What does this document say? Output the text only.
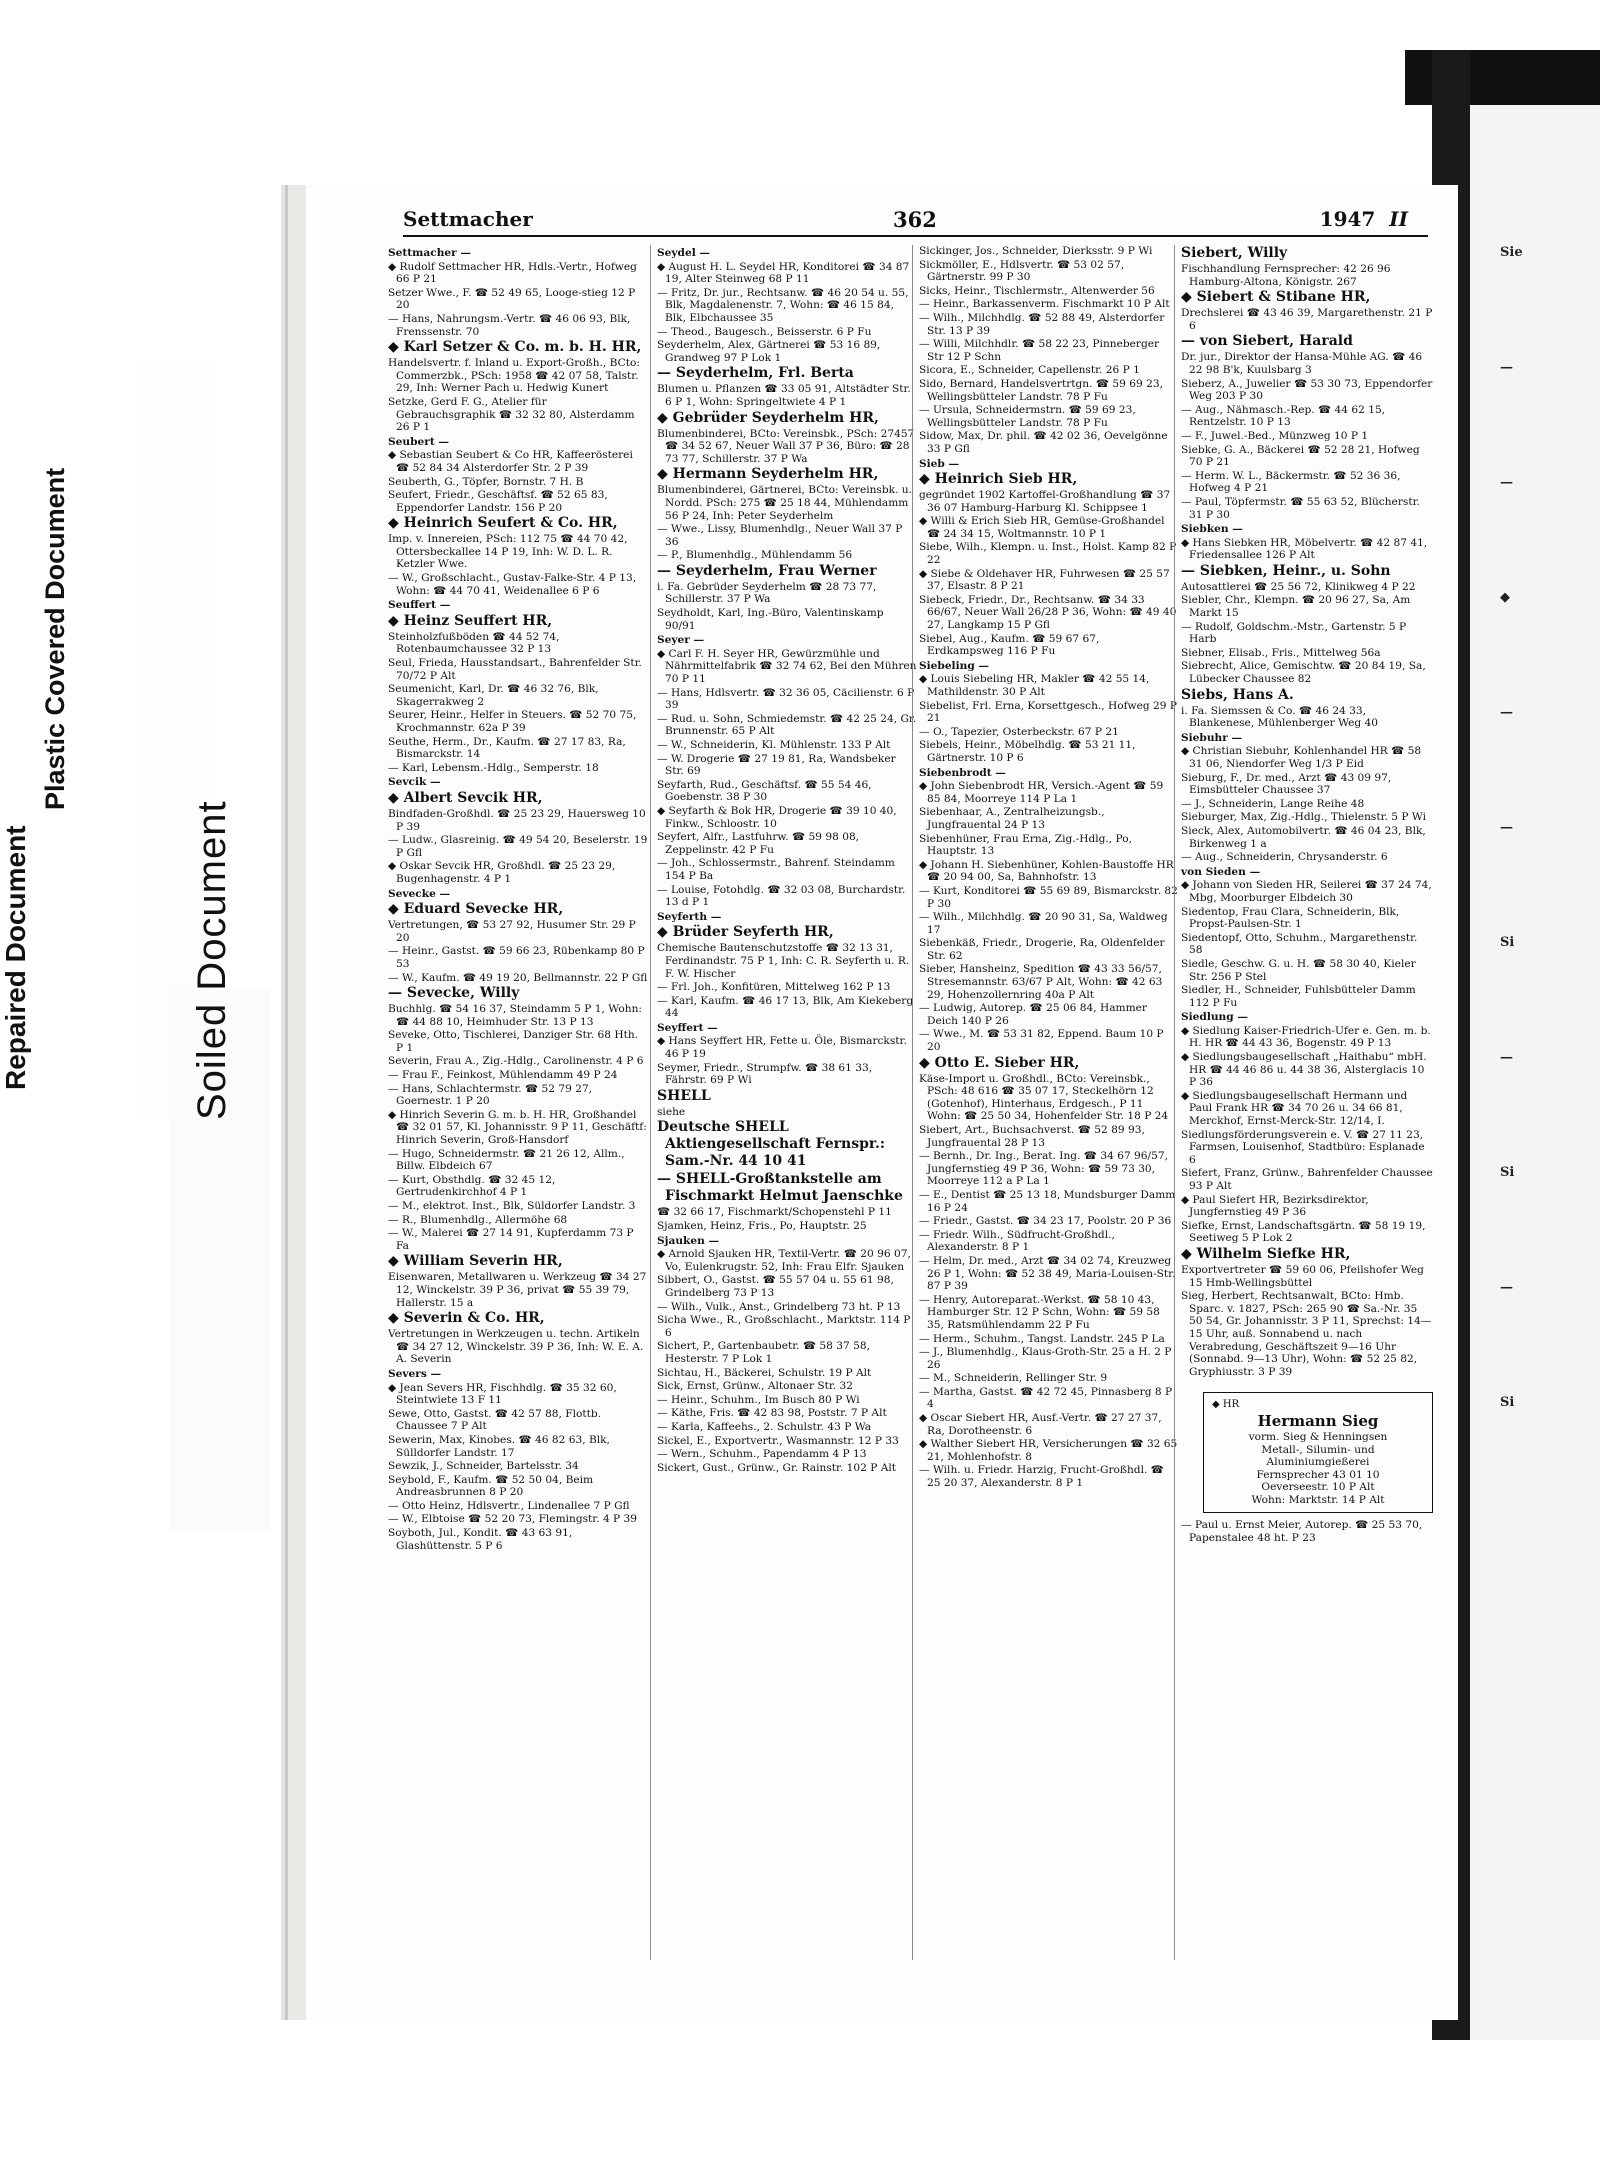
Sie
—
—
◆
—
—
Si
—
Si
—
Si
Repaired Document
Plastic Covered Document
Soiled Document
Settmacher	362	1947 II
Settmacher —
◆ Rudolf Settmacher HR, Hdls.-Vertr., Hofweg 66 P 21
Setzer Wwe., F. ☎ 52 49 65, Looge-stieg 12 P 20
— Hans, Nahrungsm.-Vertr. ☎ 46 06 93, Blk, Frenssenstr. 70
◆ Karl Setzer & Co. m. b. H. HR,
Handelsvertr. f. Inland u. Export-Großh., BCto: Commerzbk., PSch: 1958 ☎ 42 07 58, Talstr. 29, Inh: Werner Pach u. Hedwig Kunert
Setzke, Gerd F. G., Atelier für Gebrauchsgraphik ☎ 32 32 80, Alsterdamm 26 P 1
Seubert —
◆ Sebastian Seubert & Co HR, Kaffeerösterei ☎ 52 84 34 Alsterdorfer Str. 2 P 39
Seuberth, G., Töpfer, Bornstr. 7 H. B
Seufert, Friedr., Geschäftsf. ☎ 52 65 83, Eppendorfer Landstr. 156 P 20
◆ Heinrich Seufert & Co. HR,
Imp. v. Innereien, PSch: 112 75 ☎ 44 70 42, Ottersbeckallee 14 P 19, Inh: W. D. L. R. Ketzler Wwe.
— W., Großschlacht., Gustav-Falke-Str. 4 P 13, Wohn: ☎ 44 70 41, Weidenallee 6 P 6
Seuffert —
◆ Heinz Seuffert HR,
Steinholzfußböden ☎ 44 52 74, Rotenbaumchaussee 32 P 13
Seul, Frieda, Hausstandsart., Bahrenfelder Str. 70/72 P Alt
Seumenicht, Karl, Dr. ☎ 46 32 76, Blk, Skagerrakweg 2
Seurer, Heinr., Helfer in Steuers. ☎ 52 70 75, Krochmannstr. 62a P 39
Seuthe, Herm., Dr., Kaufm. ☎ 27 17 83, Ra, Bismarckstr. 14
— Karl, Lebensm.-Hdlg., Semperstr. 18
Sevcik —
◆ Albert Sevcik HR,
Bindfaden-Großhdl. ☎ 25 23 29, Hauersweg 10 P 39
— Ludw., Glasreinig. ☎ 49 54 20, Beselerstr. 19 P Gfl
◆ Oskar Sevcik HR, Großhdl. ☎ 25 23 29, Bugenhagenstr. 4 P 1
Sevecke —
◆ Eduard Sevecke HR,
Vertretungen, ☎ 53 27 92, Husumer Str. 29 P 20
— Heinr., Gastst. ☎ 59 66 23, Rübenkamp 80 P 53
— W., Kaufm. ☎ 49 19 20, Bellmannstr. 22 P Gfl
— Sevecke, Willy
Buchhlg. ☎ 54 16 37, Steindamm 5 P 1, Wohn: ☎ 44 88 10, Heimhuder Str. 13 P 13
Seveke, Otto, Tischlerei, Danziger Str. 68 Hth. P 1
Severin, Frau A., Zig.-Hdlg., Carolinenstr. 4 P 6
— Frau F., Feinkost, Mühlendamm 49 P 24
— Hans, Schlachtermstr. ☎ 52 79 27, Goernestr. 1 P 20
◆ Hinrich Severin G. m. b. H. HR, Großhandel ☎ 32 01 57, Kl. Johannisstr. 9 P 11, Geschäftf: Hinrich Severin, Groß-Hansdorf
— Hugo, Schneidermstr. ☎ 21 26 12, Allm., Billw. Elbdeich 67
— Kurt, Obsthdlg. ☎ 32 45 12, Gertrudenkirchhof 4 P 1
— M., elektrot. Inst., Blk, Süldorfer Landstr. 3
— R., Blumenhdlg., Allermöhe 68
— W., Malerei ☎ 27 14 91, Kupferdamm 73 P Fa
◆ William Severin HR,
Eisenwaren, Metallwaren u. Werkzeug ☎ 34 27 12, Winckelstr. 39 P 36, privat ☎ 55 39 79, Hallerstr. 15 a
◆ Severin & Co. HR,
Vertretungen in Werkzeugen u. techn. Artikeln ☎ 34 27 12, Winckelstr. 39 P 36, Inh: W. E. A. A. Severin
Severs —
◆ Jean Severs HR, Fischhdlg. ☎ 35 32 60, Steintwiete 13 F 11
Sewe, Otto, Gastst. ☎ 42 57 88, Flottb. Chaussee 7 P Alt
Sewerin, Max, Kinobes. ☎ 46 82 63, Blk, Sülldorfer Landstr. 17
Sewzik, J., Schneider, Bartelsstr. 34
Seybold, F., Kaufm. ☎ 52 50 04, Beim Andreasbrunnen 8 P 20
— Otto Heinz, Hdlsvertr., Lindenallee 7 P Gfl
— W., Elbtoise ☎ 52 20 73, Flemingstr. 4 P 39
Soyboth, Jul., Kondit. ☎ 43 63 91, Glashüttenstr. 5 P 6
Seydel —
◆ August H. L. Seydel HR, Konditorei ☎ 34 87 19, Alter Steinweg 68 P 11
— Fritz, Dr. jur., Rechtsanw. ☎ 46 20 54 u. 55, Blk, Magdalenenstr. 7, Wohn: ☎ 46 15 84, Blk, Elbchaussee 35
— Theod., Baugesch., Beisserstr. 6 P Fu
Seyderhelm, Alex, Gärtnerei ☎ 53 16 89, Grandweg 97 P Lok 1
— Seyderhelm, Frl. Berta
Blumen u. Pflanzen ☎ 33 05 91, Altstädter Str. 6 P 1, Wohn: Springeltwiete 4 P 1
◆ Gebrüder Seyderhelm HR,
Blumenbinderei, BCto: Vereinsbk., PSch: 27457 ☎ 34 52 67, Neuer Wall 37 P 36, Büro: ☎ 28 73 77, Schillerstr. 37 P Wa
◆ Hermann Seyderhelm HR,
Blumenbinderei, Gärtnerei, BCto: Vereinsbk. u. Nordd. PSch: 275 ☎ 25 18 44, Mühlendamm 56 P 24, Inh: Peter Seyderhelm
— Wwe., Lissy, Blumenhdlg., Neuer Wall 37 P 36
— P., Blumenhdlg., Mühlendamm 56
— Seyderhelm, Frau Werner
i. Fa. Gebrüder Seyderhelm ☎ 28 73 77, Schillerstr. 37 P Wa
Seydholdt, Karl, Ing.-Büro, Valentinskamp 90/91
Seyer —
◆ Carl F. H. Seyer HR, Gewürzmühle und Nährmittelfabrik ☎ 32 74 62, Bei den Mühren 70 P 11
— Hans, Hdlsvertr. ☎ 32 36 05, Cäcilienstr. 6 P 39
— Rud. u. Sohn, Schmiedemstr. ☎ 42 25 24, Gr. Brunnenstr. 65 P Alt
— W., Schneiderin, Kl. Mühlenstr. 133 P Alt
— W. Drogerie ☎ 27 19 81, Ra, Wandsbeker Str. 69
Seyfarth, Rud., Geschäftsf. ☎ 55 54 46, Goebenstr. 38 P 30
◆ Seyfarth & Bok HR, Drogerie ☎ 39 10 40, Finkw., Schloostr. 10
Seyfert, Alfr., Lastfuhrw. ☎ 59 98 08, Zeppelinstr. 42 P Fu
— Joh., Schlossermstr., Bahrenf. Steindamm 154 P Ba
— Louise, Fotohdlg. ☎ 32 03 08, Burchardstr. 13 d P 1
Seyferth —
◆ Brüder Seyferth HR,
Chemische Bautenschutzstoffe ☎ 32 13 31, Ferdinandstr. 75 P 1, Inh: C. R. Seyferth u. R. F. W. Hischer
— Frl. Joh., Konfitüren, Mittelweg 162 P 13
— Karl, Kaufm. ☎ 46 17 13, Blk, Am Kiekeberg 44
Seyffert —
◆ Hans Seyffert HR, Fette u. Öle, Bismarckstr. 46 P 19
Seymer, Friedr., Strumpfw. ☎ 38 61 33, Fährstr. 69 P Wi
SHELL
siehe
Deutsche SHELL Aktiengesellschaft Fernspr.: Sam.-Nr. 44 10 41
— SHELL-Großtankstelle am Fischmarkt Helmut Jaenschke
☎ 32 66 17, Fischmarkt/Schopenstehl P 11
Sjamken, Heinz, Fris., Po, Hauptstr. 25
Sjauken —
◆ Arnold Sjauken HR, Textil-Vertr. ☎ 20 96 07, Vo, Eulenkrugstr. 52, Inh: Frau Elfr. Sjauken
Sibbert, O., Gastst. ☎ 55 57 04 u. 55 61 98, Grindelberg 73 P 13
— Wilh., Vulk., Anst., Grindelberg 73 ht. P 13
Sicha Wwe., R., Großschlacht., Marktstr. 114 P 6
Sichert, P., Gartenbaubetr. ☎ 58 37 58, Hesterstr. 7 P Lok 1
Sichtau, H., Bäckerei, Schulstr. 19 P Alt
Sick, Ernst, Grünw., Altonaer Str. 32
— Heinr., Schuhm., Im Busch 80 P Wi
— Käthe, Fris. ☎ 42 83 98, Poststr. 7 P Alt
— Karla, Kaffeehs., 2. Schulstr. 43 P Wa
Sickel, E., Exportvertr., Wasmannstr. 12 P 33
— Wern., Schuhm., Papendamm 4 P 13
Sickert, Gust., Grünw., Gr. Rainstr. 102 P Alt
Sickinger, Jos., Schneider, Dierksstr. 9 P Wi
Sickmöller, E., Hdlsvertr. ☎ 53 02 57, Gärtnerstr. 99 P 30
Sicks, Heinr., Tischlermstr., Altenwerder 56
— Heinr., Barkassenverm. Fischmarkt 10 P Alt
— Wilh., Milchhdlg. ☎ 52 88 49, Alsterdorfer Str. 13 P 39
— Willi, Milchhdlr. ☎ 58 22 23, Pinneberger Str 12 P Schn
Sicora, E., Schneider, Capellenstr. 26 P 1
Sido, Bernard, Handelsvertrtgn. ☎ 59 69 23, Wellingsbütteler Landstr. 78 P Fu
— Ursula, Schneidermstrn. ☎ 59 69 23, Wellingsbütteler Landstr. 78 P Fu
Sidow, Max, Dr. phil. ☎ 42 02 36, Oevelgönne 33 P Gfl
Sieb —
◆ Heinrich Sieb HR,
gegründet 1902 Kartoffel-Großhandlung ☎ 37 36 07 Hamburg-Harburg Kl. Schippsee 1
◆ Willi & Erich Sieb HR, Gemüse-Großhandel ☎ 24 34 15, Woltmannstr. 10 P 1
Siebe, Wilh., Klempn. u. Inst., Holst. Kamp 82 P 22
◆ Siebe & Oldehaver HR, Fuhrwesen ☎ 25 57 37, Elsastr. 8 P 21
Siebeck, Friedr., Dr., Rechtsanw. ☎ 34 33 66/67, Neuer Wall 26/28 P 36, Wohn: ☎ 49 40 27, Langkamp 15 P Gfl
Siebel, Aug., Kaufm. ☎ 59 67 67, Erdkampsweg 116 P Fu
Siebeling —
◆ Louis Siebeling HR, Makler ☎ 42 55 14, Mathildenstr. 30 P Alt
Siebelist, Frl. Erna, Korsettgesch., Hofweg 29 P 21
— O., Tapezier, Osterbeckstr. 67 P 21
Siebels, Heinr., Möbelhdlg. ☎ 53 21 11, Gärtnerstr. 10 P 6
Siebenbrodt —
◆ John Siebenbrodt HR, Versich.-Agent ☎ 59 85 84, Moorreye 114 P La 1
Siebenhaar, A., Zentralheizungsb., Jungfrauental 24 P 13
Siebenhüner, Frau Erna, Zig.-Hdlg., Po, Hauptstr. 13
◆ Johann H. Siebenhüner, Kohlen-Baustoffe HR ☎ 20 94 00, Sa, Bahnhofstr. 13
— Kurt, Konditorei ☎ 55 69 89, Bismarckstr. 82 P 30
— Wilh., Milchhdlg. ☎ 20 90 31, Sa, Waldweg 17
Siebenkäß, Friedr., Drogerie, Ra, Oldenfelder Str. 62
Sieber, Hansheinz, Spedition ☎ 43 33 56/57, Stresemannstr. 63/67 P Alt, Wohn: ☎ 42 63 29, Hohenzollernring 40a P Alt
— Ludwig, Autorep. ☎ 25 06 84, Hammer Deich 140 P 26
— Wwe., M. ☎ 53 31 82, Eppend. Baum 10 P 20
◆ Otto E. Sieber HR,
Käse-Import u. Großhdl., BCto: Vereinsbk., PSch: 48 616 ☎ 35 07 17, Steckelhörn 12 (Gotenhof), Hinterhaus, Erdgesch., P 11 Wohn: ☎ 25 50 34, Hohenfelder Str. 18 P 24
Siebert, Art., Buchsachverst. ☎ 52 89 93, Jungfrauental 28 P 13
— Bernh., Dr. Ing., Berat. Ing. ☎ 34 67 96/57, Jungfernstieg 49 P 36, Wohn: ☎ 59 73 30, Moorreye 112 a P La 1
— E., Dentist ☎ 25 13 18, Mundsburger Damm 16 P 24
— Friedr., Gastst. ☎ 34 23 17, Poolstr. 20 P 36
— Friedr. Wilh., Südfrucht-Großhdl., Alexanderstr. 8 P 1
— Helm, Dr. med., Arzt ☎ 34 02 74, Kreuzweg 26 P 1, Wohn: ☎ 52 38 49, Maria-Louisen-Str. 87 P 39
— Henry, Autoreparat.-Werkst. ☎ 58 10 43, Hamburger Str. 12 P Schn, Wohn: ☎ 59 58 35, Ratsmühlendamm 22 P Fu
— Herm., Schuhm., Tangst. Landstr. 245 P La
— J., Blumenhdlg., Klaus-Groth-Str. 25 a H. 2 P 26
— M., Schneiderin, Rellinger Str. 9
— Martha, Gastst. ☎ 42 72 45, Pinnasberg 8 P 4
◆ Oscar Siebert HR, Ausf.-Vertr. ☎ 27 27 37, Ra, Dorotheenstr. 6
◆ Walther Siebert HR, Versicherungen ☎ 32 65 21, Mohlenhofstr. 8
— Wilh. u. Friedr. Harzig, Frucht-Großhdl. ☎ 25 20 37, Alexanderstr. 8 P 1
Siebert, Willy
Fischhandlung Fernsprecher: 42 26 96 Hamburg-Altona, Königstr. 267
◆ Siebert & Stibane HR,
Drechslerei ☎ 43 46 39, Margarethenstr. 21 P 6
— von Siebert, Harald
Dr. jur., Direktor der Hansa-Mühle AG. ☎ 46 22 98 B'k, Kuulsbarg 3
Sieberz, A., Juwelier ☎ 53 30 73, Eppendorfer Weg 203 P 30
— Aug., Nähmasch.-Rep. ☎ 44 62 15, Rentzelstr. 10 P 13
— F., Juwel.-Bed., Münzweg 10 P 1
Siebke, G. A., Bäckerei ☎ 52 28 21, Hofweg 70 P 21
— Herm. W. L., Bäckermstr. ☎ 52 36 36, Hofweg 4 P 21
— Paul, Töpfermstr. ☎ 55 63 52, Blücherstr. 31 P 30
Siebken —
◆ Hans Siebken HR, Möbelvertr. ☎ 42 87 41, Friedensallee 126 P Alt
— Siebken, Heinr., u. Sohn
Autosattlerei ☎ 25 56 72, Klinikweg 4 P 22
Siebler, Chr., Klempn. ☎ 20 96 27, Sa, Am Markt 15
— Rudolf, Goldschm.-Mstr., Gartenstr. 5 P Harb
Siebner, Elisab., Fris., Mittelweg 56a
Siebrecht, Alice, Gemischtw. ☎ 20 84 19, Sa, Lübecker Chaussee 82
Siebs, Hans A.
i. Fa. Siemssen & Co. ☎ 46 24 33, Blankenese, Mühlenberger Weg 40
Siebuhr —
◆ Christian Siebuhr, Kohlenhandel HR ☎ 58 31 06, Niendorfer Weg 1/3 P Eid
Sieburg, F., Dr. med., Arzt ☎ 43 09 97, Eimsbütteler Chaussee 37
— J., Schneiderin, Lange Reihe 48
Sieburger, Max, Zig.-Hdlg., Thielenstr. 5 P Wi
Sieck, Alex, Automobilvertr. ☎ 46 04 23, Blk, Birkenweg 1 a
— Aug., Schneiderin, Chrysanderstr. 6
von Sieden —
◆ Johann von Sieden HR, Seilerei ☎ 37 24 74, Mbg, Moorburger Elbdeich 30
Siedentop, Frau Clara, Schneiderin, Blk, Propst-Paulsen-Str. 1
Siedentopf, Otto, Schuhm., Margarethenstr. 58
Siedle, Geschw. G. u. H. ☎ 58 30 40, Kieler Str. 256 P Stel
Siedler, H., Schneider, Fuhlsbütteler Damm 112 P Fu
Siedlung —
◆ Siedlung Kaiser-Friedrich-Ufer e. Gen. m. b. H. HR ☎ 44 43 36, Bogenstr. 49 P 13
◆ Siedlungsbaugesellschaft „Haithabu“ mbH. HR ☎ 44 46 86 u. 44 38 36, Alsterglacis 10 P 36
◆ Siedlungsbaugesellschaft Hermann und Paul Frank HR ☎ 34 70 26 u. 34 66 81, Merckhof, Ernst-Merck-Str. 12/14, I.
Siedlungsförderungsverein e. V. ☎ 27 11 23, Farmsen, Louisenhof, Stadtbüro: Esplanade 6
Siefert, Franz, Grünw., Bahrenfelder Chaussee 93 P Alt
◆ Paul Siefert HR, Bezirksdirektor, Jungfernstieg 49 P 36
Siefke, Ernst, Landschaftsgärtn. ☎ 58 19 19, Seetiweg 5 P Lok 2
◆ Wilhelm Siefke HR,
Exportvertreter ☎ 59 60 06, Pfeilshofer Weg 15 Hmb-Wellingsbüttel
Sieg, Herbert, Rechtsanwalt, BCto: Hmb. Sparc. v. 1827, PSch: 265 90 ☎ Sa.-Nr. 35 50 54, Gr. Johannisstr. 3 P 11, Sprechst: 14—15 Uhr, auß. Sonnabend u. nach Verabredung, Geschäftszeit 9—16 Uhr (Sonnabd. 9—13 Uhr), Wohn: ☎ 52 25 82, Gryphiusstr. 3 P 39
◆ HR
Hermann Sieg
vorm. Sieg & Henningsen
Metall-, Silumin- und
Aluminiumgießerei
Fernsprecher 43 01 10
Oeverseestr. 10 P Alt
Wohn: Marktstr. 14 P Alt
— Paul u. Ernst Meier, Autorep. ☎ 25 53 70, Papenstalee 48 ht. P 23
